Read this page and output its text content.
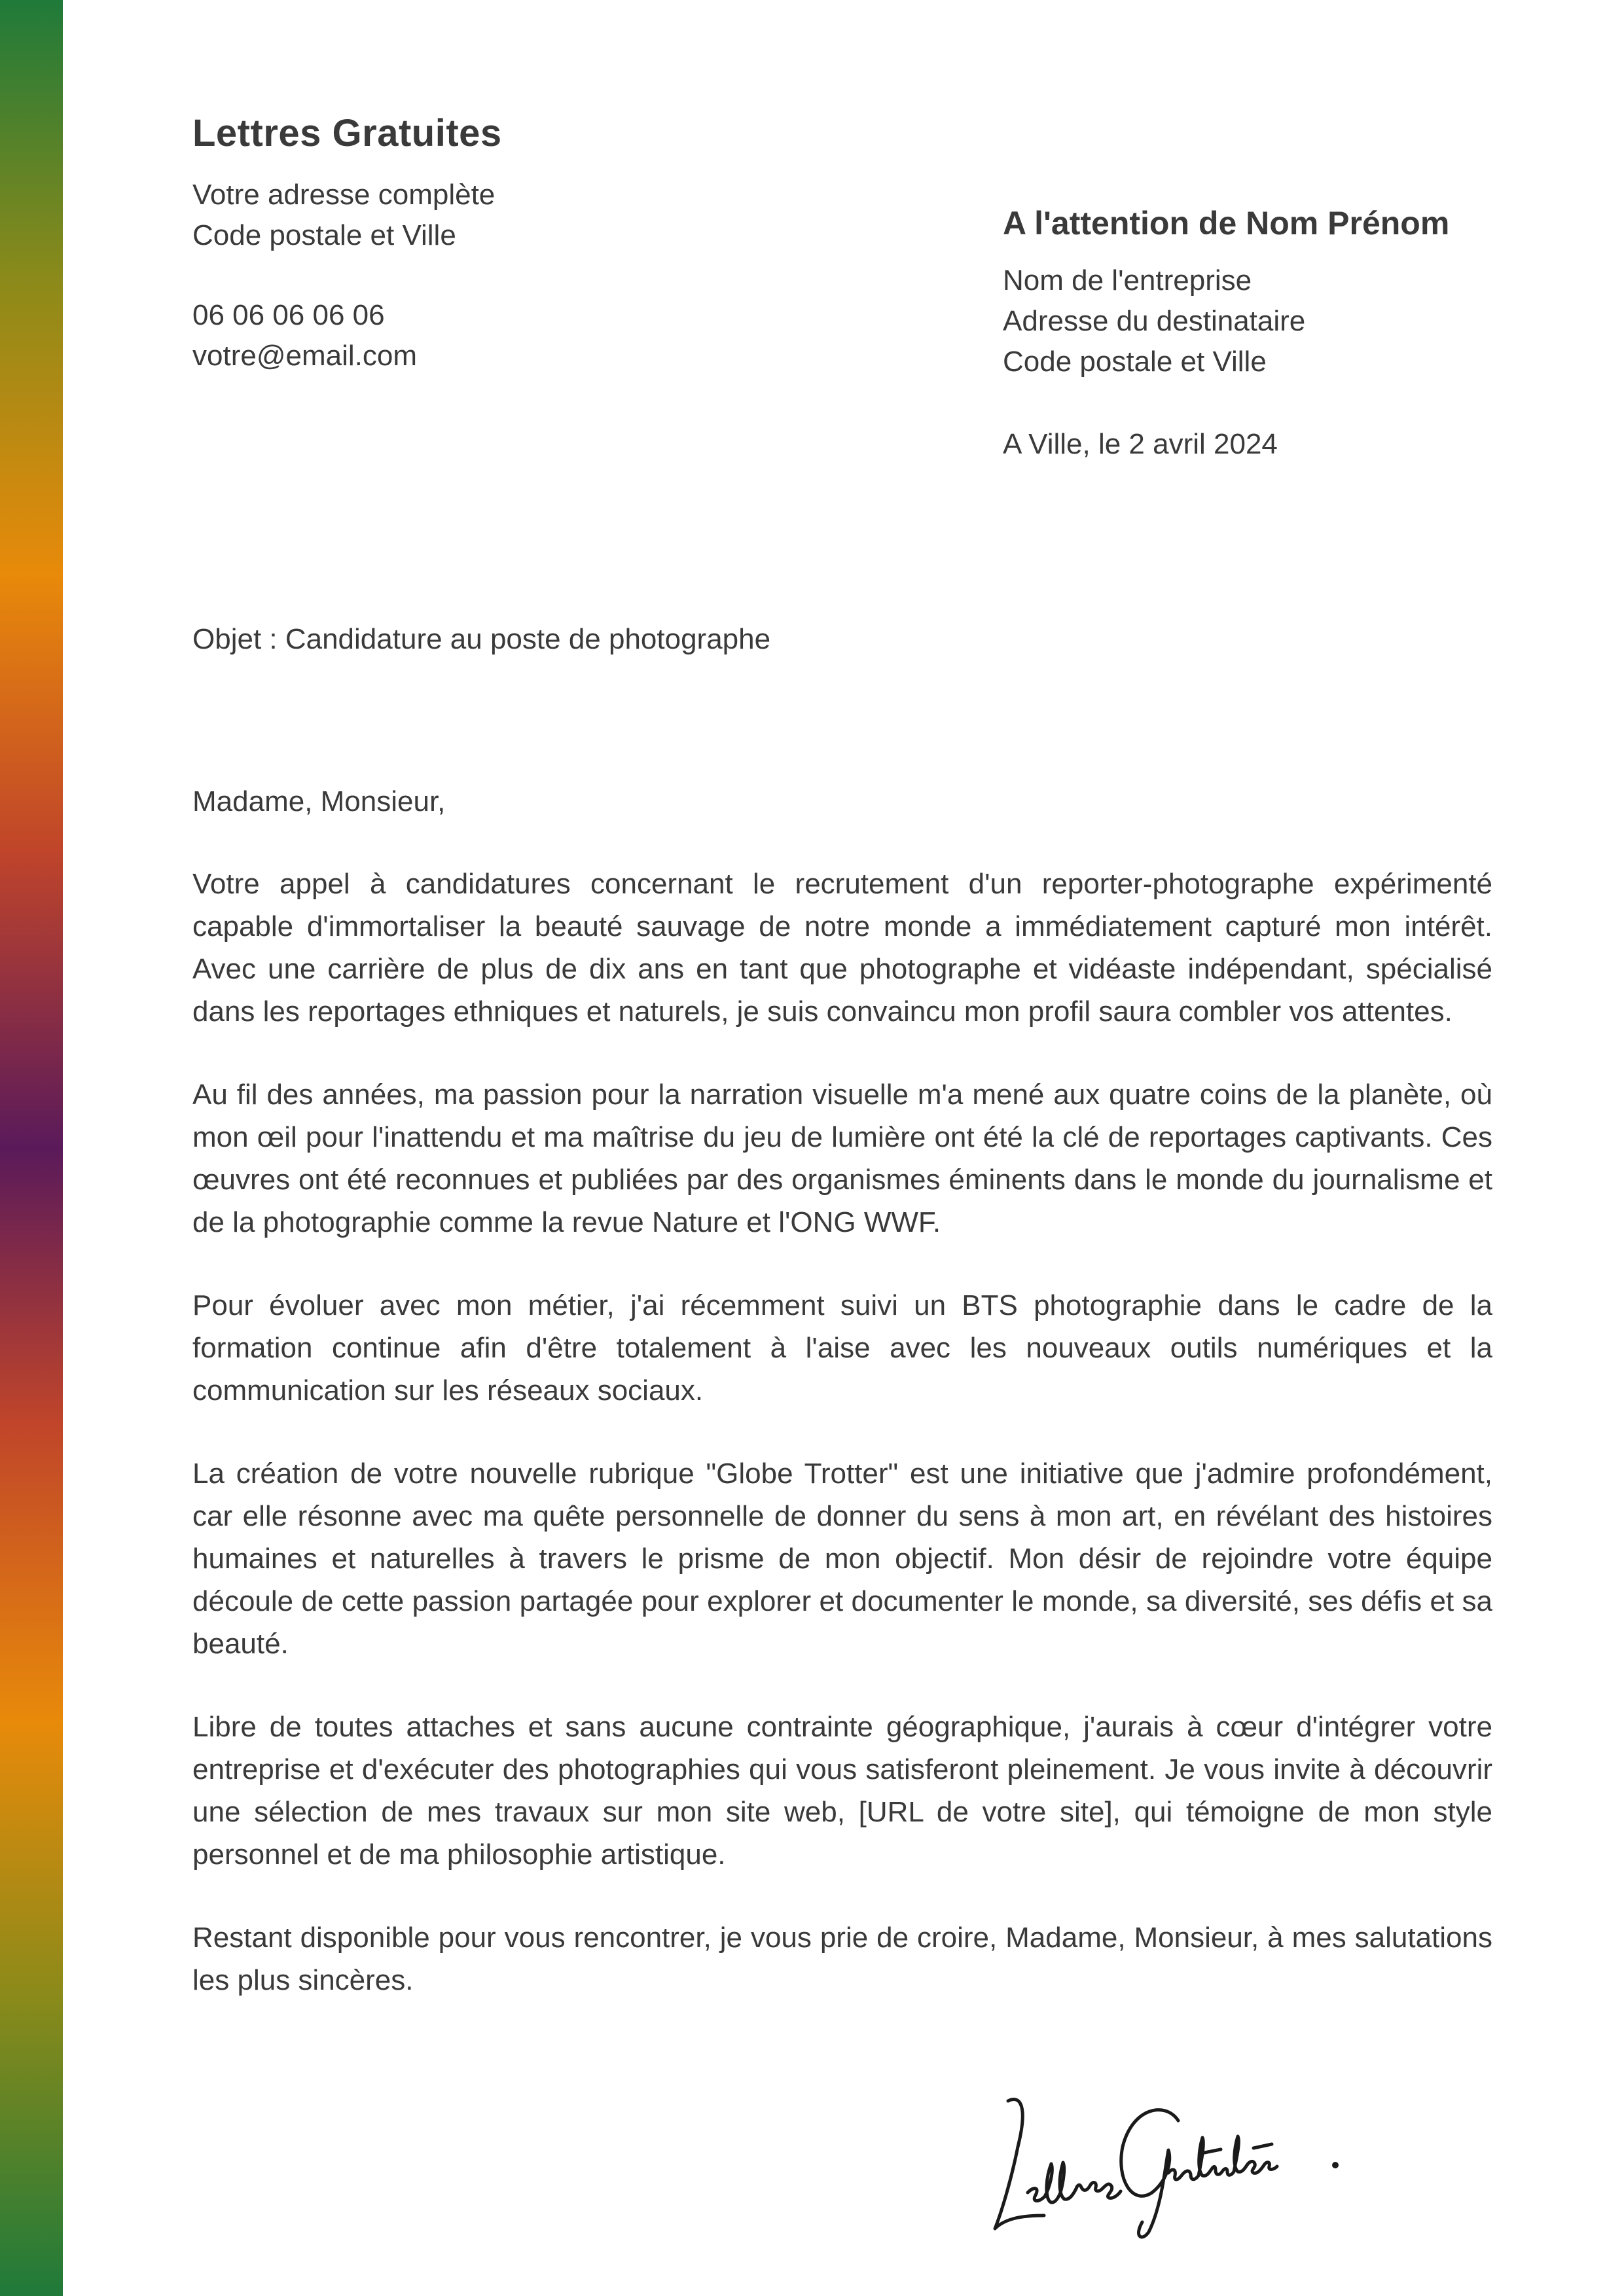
Lettres Gratuites
Votre adresse complète
Code postale et Ville
06 06 06 06 06
votre@email.com
A l'attention de Nom Prénom
Nom de l'entreprise
Adresse du destinataire
Code postale et Ville
A Ville, le 2 avril 2024
Objet : Candidature au poste de photographe
Madame, Monsieur,

Votre appel à candidatures concernant le recrutement d'un reporter-photographe expérimenté capable d'immortaliser la beauté sauvage de notre monde a immédiatement capturé mon intérêt. Avec une carrière de plus de dix ans en tant que photographe et vidéaste indépendant, spécialisé dans les reportages ethniques et naturels, je suis convaincu mon profil saura combler vos attentes.

Au fil des années, ma passion pour la narration visuelle m'a mené aux quatre coins de la planète, où mon œil pour l'inattendu et ma maîtrise du jeu de lumière ont été la clé de reportages captivants. Ces œuvres ont été reconnues et publiées par des organismes éminents dans le monde du journalisme et de la photographie comme la revue Nature et l'ONG WWF.

Pour évoluer avec mon métier, j'ai récemment suivi un BTS photographie dans le cadre de la formation continue afin d'être totalement à l'aise avec les nouveaux outils numériques et la communication sur les réseaux sociaux.

La création de votre nouvelle rubrique "Globe Trotter" est une initiative que j'admire profondément, car elle résonne avec ma quête personnelle de donner du sens à mon art, en révélant des histoires humaines et naturelles à travers le prisme de mon objectif. Mon désir de rejoindre votre équipe découle de cette passion partagée pour explorer et documenter le monde, sa diversité, ses défis et sa beauté.

Libre de toutes attaches et sans aucune contrainte géographique, j'aurais à cœur d'intégrer votre entreprise et d'exécuter des photographies qui vous satisferont pleinement. Je vous invite à découvrir une sélection de mes travaux sur mon site web, [URL de votre site], qui témoigne de mon style personnel et de ma philosophie artistique.

Restant disponible pour vous rencontrer, je vous prie de croire, Madame, Monsieur, à mes salutations les plus sincères.
